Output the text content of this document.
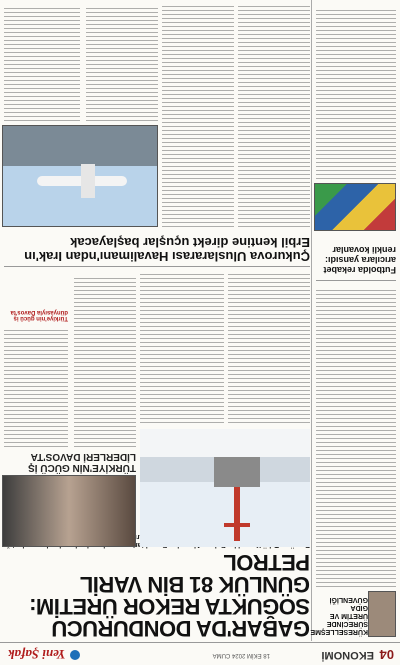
04
EKONOMİ
18 EKİM 2024 CUMA
Yeni Şafak
KÜRESELLEŞME SÜRECİNDE ÜRETİM VE GIDA GÜVENLİĞİ
Futbolda rekabet arıcılara yansıdı: renkli kovanlar
GABAR'DA DONDURUCU
SOĞUKTA REKOR ÜRETİM:
GÜNLÜK 81 BİN VARİL PETROL
TÜRKİYE'NİN GÜCÜ İŞ LİDERLERİ DAVOS'TA
Türkiye'nin gücü iş dünyasıyla Davos'ta
Çukurova Uluslararası Havalimanı'ndan Irak'ın Erbil kentine direkt uçuşlar başlayacak
